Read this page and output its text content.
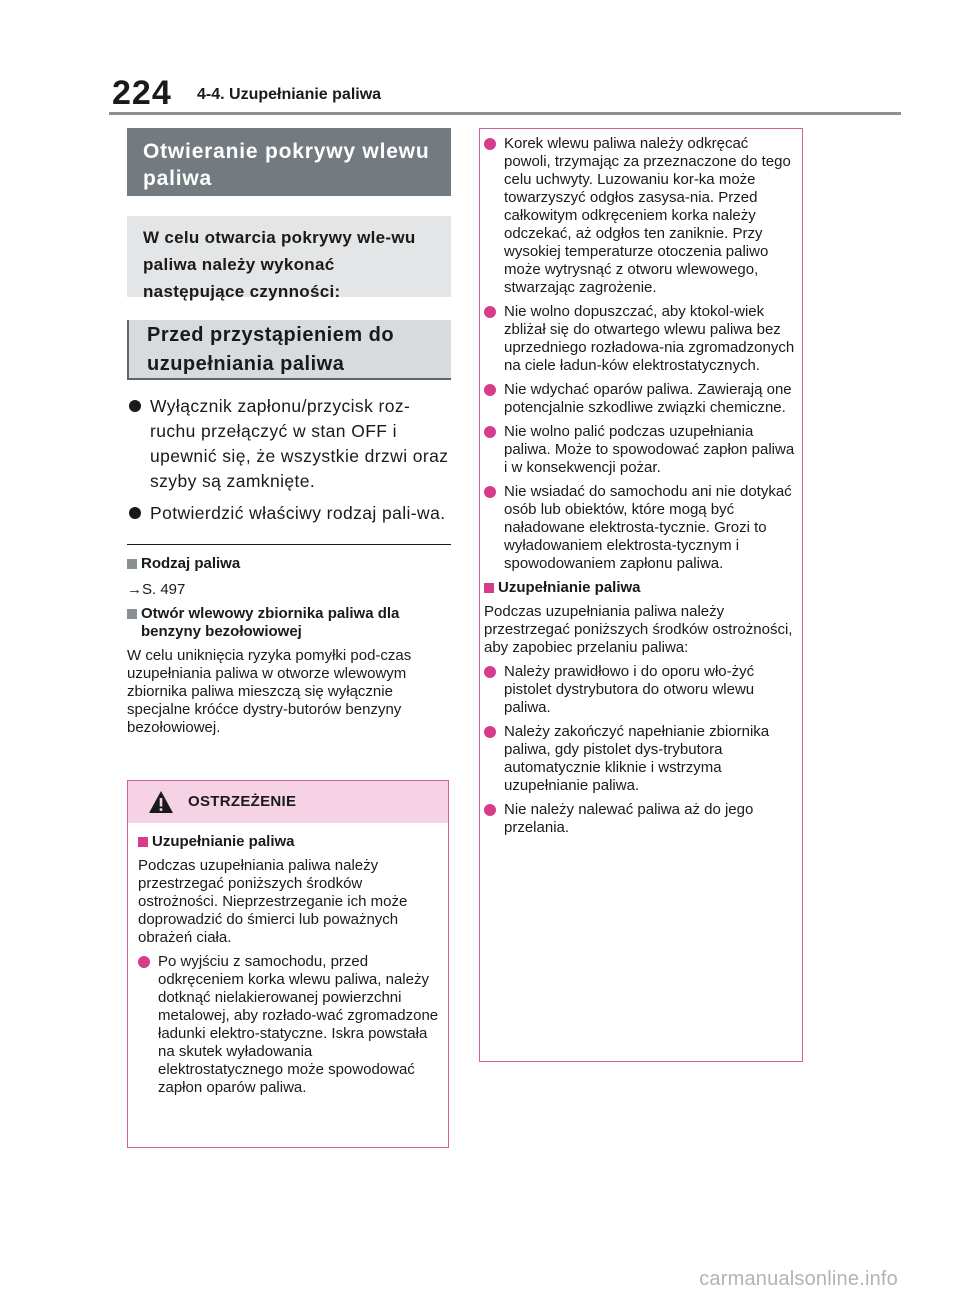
224 4-4. Uzupełnianie paliwa
Otwieranie pokrywy wlewu paliwa
W celu otwarcia pokrywy wle-wu paliwa należy wykonać następujące czynności:
Przed przystąpieniem do uzupełniania paliwa
Wyłącznik zapłonu/przycisk roz-ruchu przełączyć w stan OFF i upewnić się, że wszystkie drzwi oraz szyby są zamknięte.
Potwierdzić właściwy rodzaj pali-wa.
Rodzaj paliwa
→S. 497
Otwór wlewowy zbiornika paliwa dla benzyny bezołowiowej
W celu uniknięcia ryzyka pomyłki pod-czas uzupełniania paliwa w otworze wlewowym zbiornika paliwa mieszczą się wyłącznie specjalne króćce dystry-butorów benzyny bezołowiowej.
OSTRZEŻENIE
Uzupełnianie paliwa
Podczas uzupełniania paliwa należy przestrzegać poniższych środków ostrożności. Nieprzestrzeganie ich może doprowadzić do śmierci lub poważnych obrażeń ciała.
Po wyjściu z samochodu, przed odkręceniem korka wlewu paliwa, należy dotknąć nielakierowanej powierzchni metalowej, aby rozłado-wać zgromadzone ładunki elektro-statyczne. Iskra powstała na skutek wyładowania elektrostatycznego może spowodować zapłon oparów paliwa.
Korek wlewu paliwa należy odkręcać powoli, trzymając za przeznaczone do tego celu uchwyty. Luzowaniu kor-ka może towarzyszyć odgłos zasysa-nia. Przed całkowitym odkręceniem korka należy odczekać, aż odgłos ten zaniknie. Przy wysokiej temperaturze otoczenia paliwo może wytrysnąć z otworu wlewowego, stwarzając zagrożenie.
Nie wolno dopuszczać, aby ktokol-wiek zbliżał się do otwartego wlewu paliwa bez uprzedniego rozładowa-nia zgromadzonych na ciele ładun-ków elektrostatycznych.
Nie wdychać oparów paliwa. Zawierają one potencjalnie szkodliwe związki chemiczne.
Nie wolno palić podczas uzupełniania paliwa. Może to spowodować zapłon paliwa i w konsekwencji pożar.
Nie wsiadać do samochodu ani nie dotykać osób lub obiektów, które mogą być naładowane elektrosta-tycznie. Grozi to wyładowaniem elektrosta-tycznym i spowodowaniem zapłonu paliwa.
Uzupełnianie paliwa
Podczas uzupełniania paliwa należy przestrzegać poniższych środków ostrożności, aby zapobiec przelaniu paliwa:
Należy prawidłowo i do oporu wło-żyć pistolet dystrybutora do otworu wlewu paliwa.
Należy zakończyć napełnianie zbiornika paliwa, gdy pistolet dys-trybutora automatycznie kliknie i wstrzyma uzupełnianie paliwa.
Nie należy nalewać paliwa aż do jego przelania.
carmanualsonline.info
